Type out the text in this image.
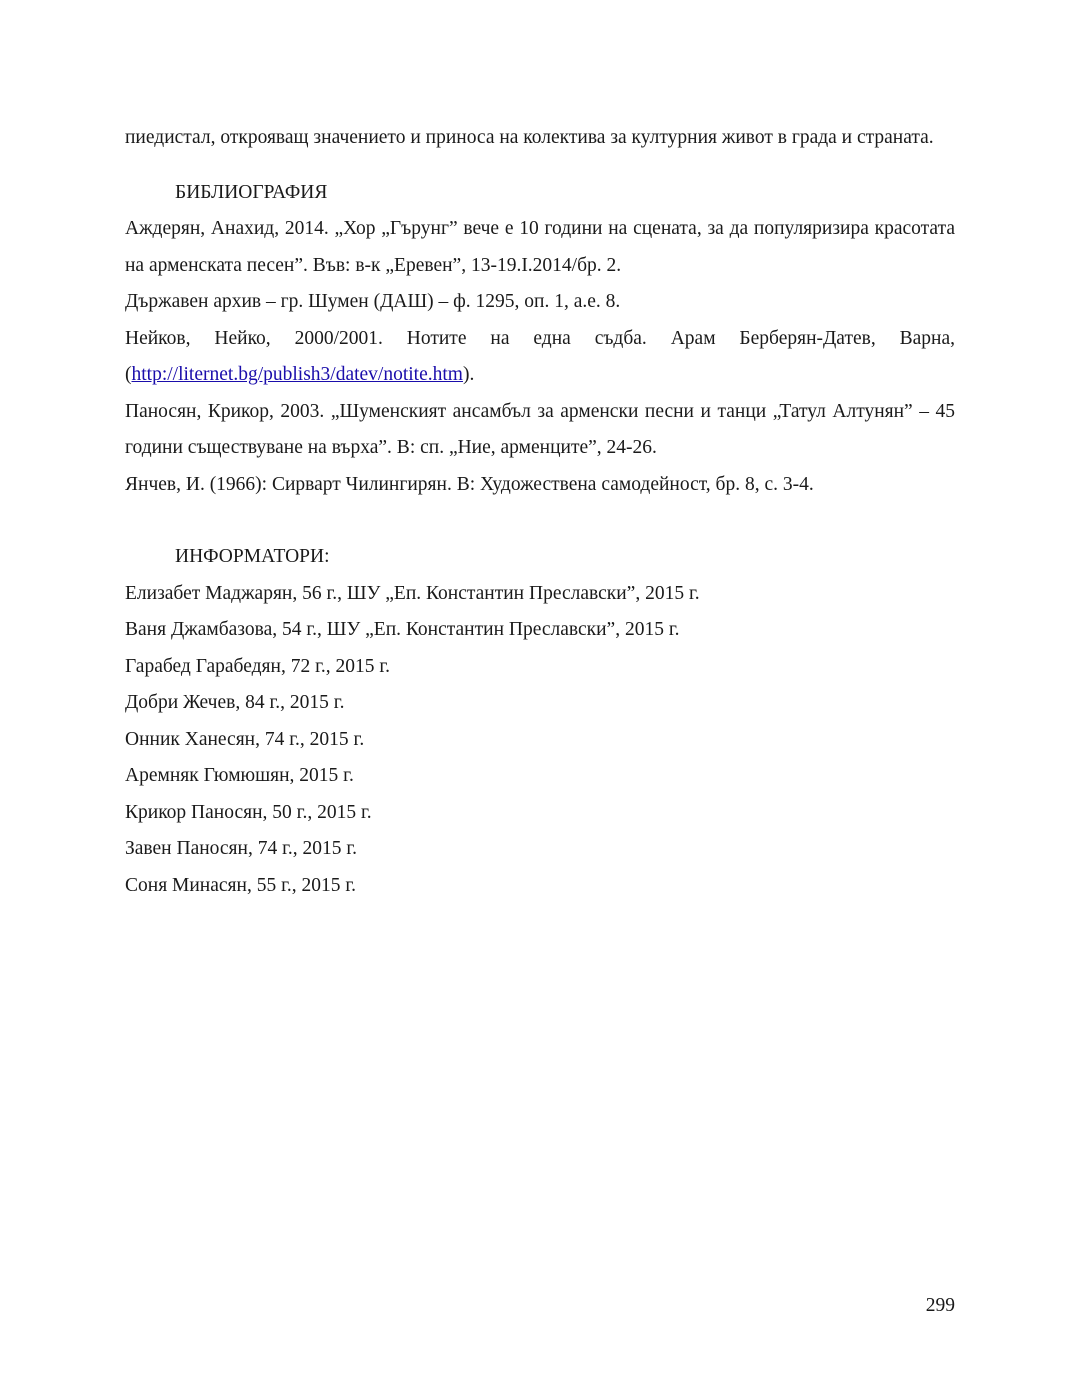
пиедистал, открояващ значението и приноса на колектива за културния живот в града и страната.

БИБЛИОГРАФИЯ

Аждерян, Анахид, 2014. „Хор „Гърунг” вече е 10 години на сцената, за да популяризира красотата на арменската песен”. Във: в-к „Еревен”, 13-19.I.2014/бр. 2.

Държавен архив – гр. Шумен (ДАШ) – ф. 1295, оп. 1, а.е. 8.

Нейков, Нейко, 2000/2001. Нотите на една съдба. Арам Берберян-Датев, Варна, (http://liternet.bg/publish3/datev/notite.htm).

Паносян, Крикор, 2003. „Шуменският ансамбъл за арменски песни и танци „Татул Алтунян” – 45 години съществуване на върха”. В: сп. „Ние, арменците”, 24-26.

Янчев, И. (1966): Сирварт Чилингирян. В: Художествена самодейност, бр. 8, с. 3-4.

ИНФОРМАТОРИ:

Елизабет Маджарян, 56 г., ШУ „Еп. Константин Преславски”, 2015 г.

Ваня Джамбазова, 54 г., ШУ „Еп. Константин Преславски”, 2015 г.

Гарабед Гарабедян, 72 г., 2015 г.

Добри Жечев, 84 г., 2015 г.

Онник Ханесян, 74 г., 2015 г.

Аремняк Гюмюшян, 2015 г.

Крикор Паносян, 50 г., 2015 г.

Завен Паносян, 74 г., 2015 г.

Соня Минасян, 55 г., 2015 г.

299
